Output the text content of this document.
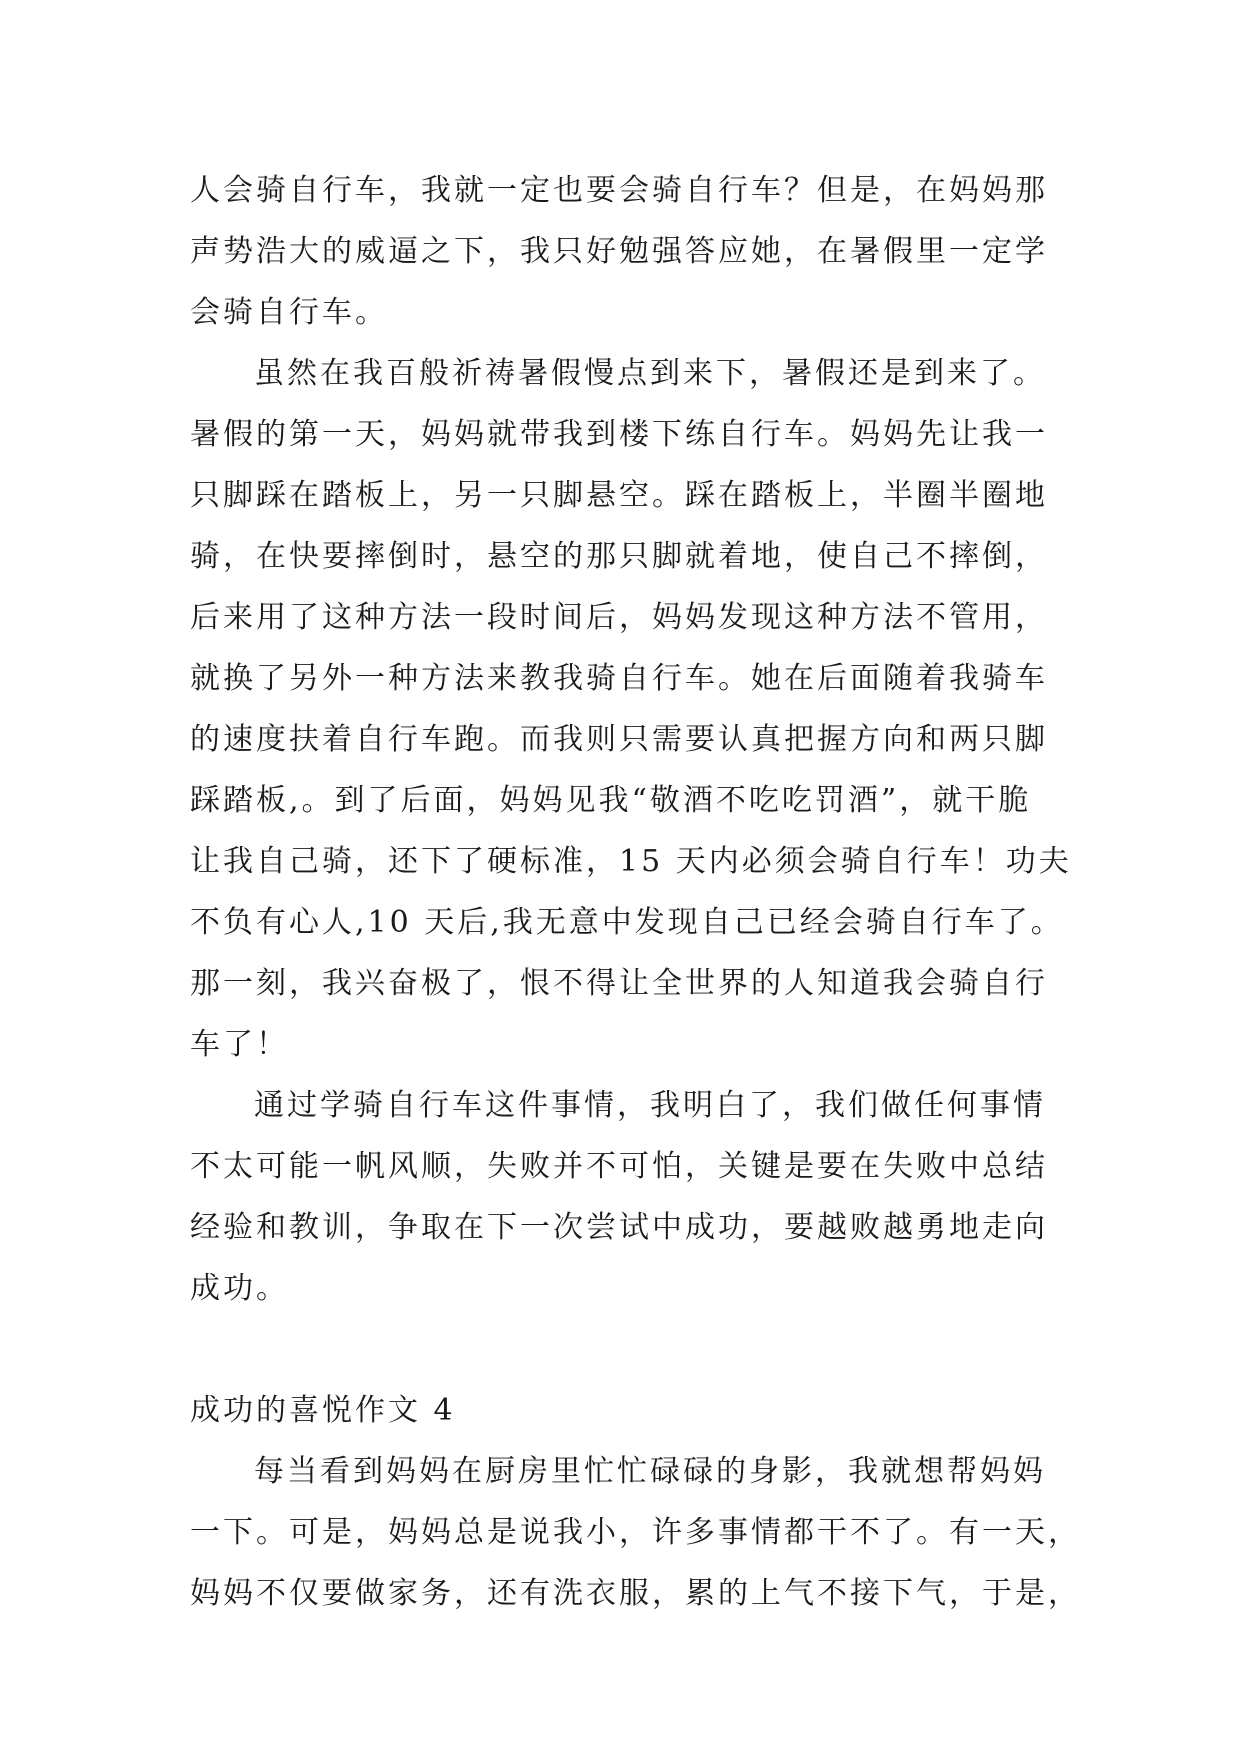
人会骑自行车，我就一定也要会骑自行车？但是，在妈妈那
声势浩大的威逼之下，我只好勉强答应她，在暑假里一定学
会骑自行车。
虽然在我百般祈祷暑假慢点到来下，暑假还是到来了。
暑假的第一天，妈妈就带我到楼下练自行车。妈妈先让我一
只脚踩在踏板上，另一只脚悬空。踩在踏板上，半圈半圈地
骑，在快要摔倒时，悬空的那只脚就着地，使自己不摔倒，
后来用了这种方法一段时间后，妈妈发现这种方法不管用，
就换了另外一种方法来教我骑自行车。她在后面随着我骑车
的速度扶着自行车跑。而我则只需要认真把握方向和两只脚
踩踏板,。到了后面，妈妈见我“敬酒不吃吃罚酒”，就干脆
让我自己骑，还下了硬标准，15 天内必须会骑自行车！功夫
不负有心人,10 天后,我无意中发现自己已经会骑自行车了。
那一刻，我兴奋极了，恨不得让全世界的人知道我会骑自行
车了！
通过学骑自行车这件事情，我明白了，我们做任何事情
不太可能一帆风顺，失败并不可怕，关键是要在失败中总结
经验和教训，争取在下一次尝试中成功，要越败越勇地走向
成功。
成功的喜悦作文 4
每当看到妈妈在厨房里忙忙碌碌的身影，我就想帮妈妈
一下。可是，妈妈总是说我小，许多事情都干不了。有一天，
妈妈不仅要做家务，还有洗衣服，累的上气不接下气，于是，
